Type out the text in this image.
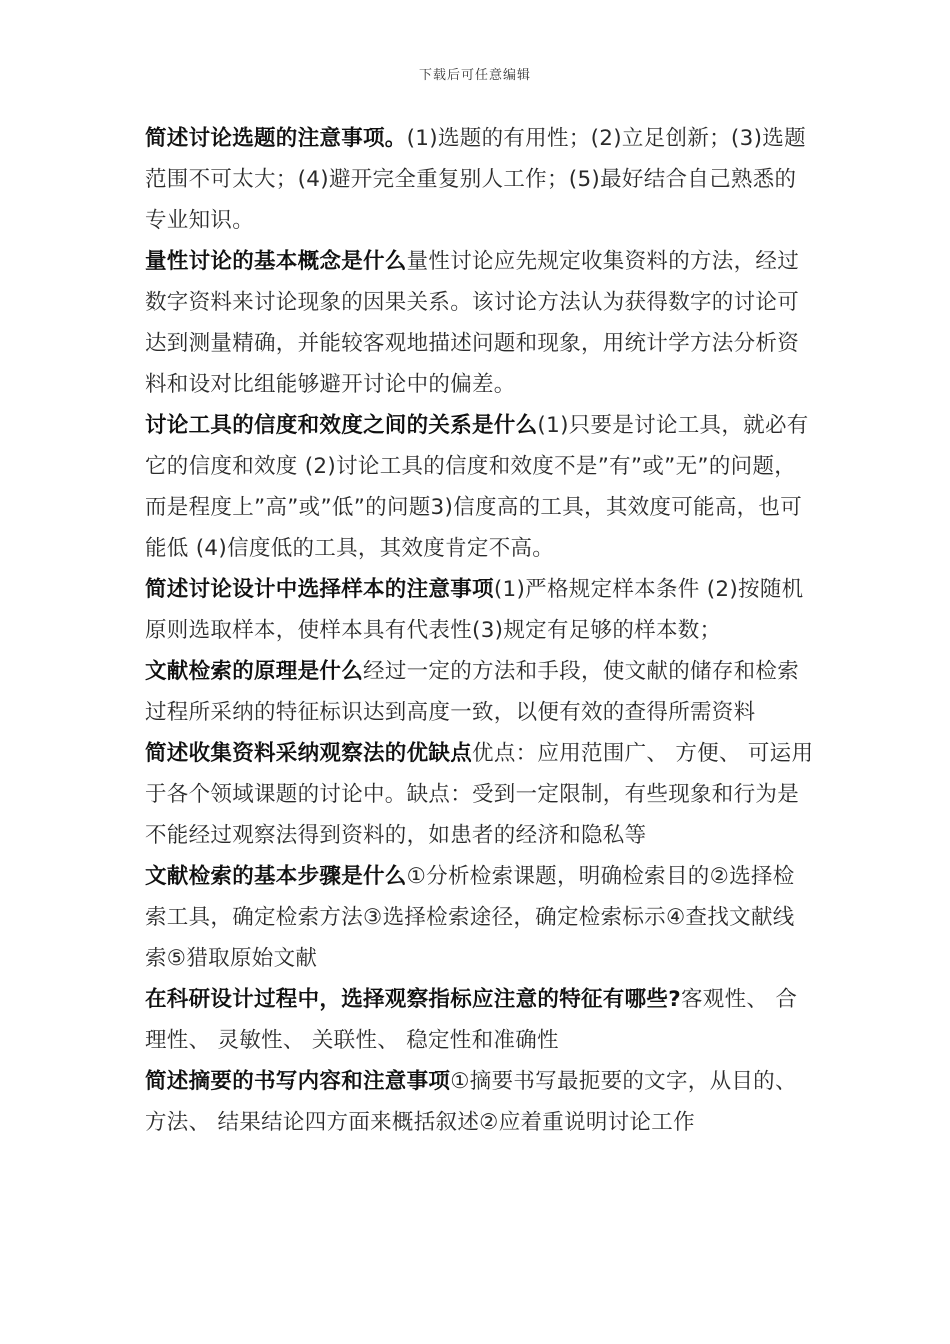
下载后可任意编辑

简述讨论选题的注意事项。(1)选题的有用性；(2)立足创新；(3)选题范围不可太大；(4)避开完全重复别人工作；(5)最好结合自己熟悉的专业知识。

量性讨论的基本概念是什么量性讨论应先规定收集资料的方法，经过数字资料来讨论现象的因果关系。该讨论方法认为获得数字的讨论可达到测量精确，并能较客观地描述问题和现象，用统计学方法分析资料和设对比组能够避开讨论中的偏差。

讨论工具的信度和效度之间的关系是什么(1)只要是讨论工具，就必有它的信度和效度 (2)讨论工具的信度和效度不是”有”或”无”的问题，而是程度上”高”或”低”的问题3)信度高的工具，其效度可能高，也可能低 (4)信度低的工具，其效度肯定不高。

简述讨论设计中选择样本的注意事项(1)严格规定样本条件 (2)按随机原则选取样本，使样本具有代表性(3)规定有足够的样本数；

文献检索的原理是什么经过一定的方法和手段，使文献的储存和检索过程所采纳的特征标识达到高度一致，以便有效的查得所需资料

简述收集资料采纳观察法的优缺点优点：应用范围广、 方便、 可运用于各个领域课题的讨论中。缺点：受到一定限制，有些现象和行为是不能经过观察法得到资料的，如患者的经济和隐私等

文献检索的基本步骤是什么①分析检索课题，明确检索目的②选择检索工具，确定检索方法③选择检索途径，确定检索标示④查找文献线索⑤猎取原始文献

在科研设计过程中，选择观察指标应注意的特征有哪些?客观性、 合理性、 灵敏性、 关联性、 稳定性和准确性

简述摘要的书写内容和注意事项①摘要书写最扼要的文字，从目的、 方法、 结果结论四方面来概括叙述②应着重说明讨论工作
